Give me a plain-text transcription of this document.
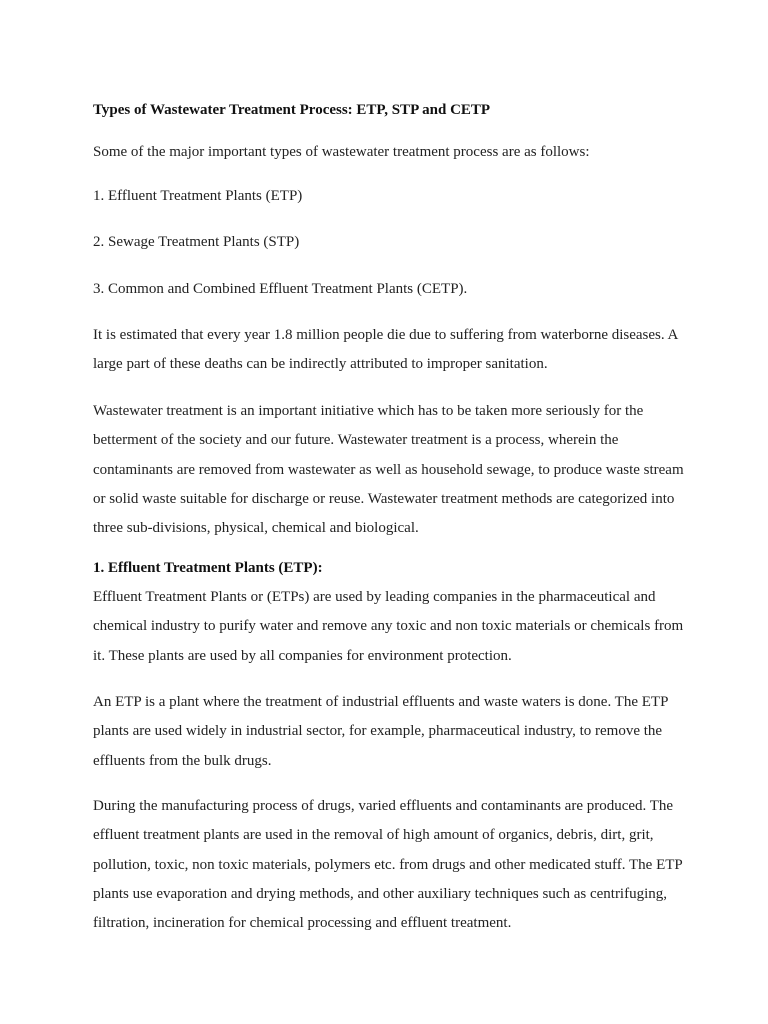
Types of Wastewater Treatment Process: ETP, STP and CETP

Some of the major important types of wastewater treatment process are as follows:

1. Effluent Treatment Plants (ETP)

2. Sewage Treatment Plants (STP)

3. Common and Combined Effluent Treatment Plants (CETP).

It is estimated that every year 1.8 million people die due to suffering from waterborne diseases. A large part of these deaths can be indirectly attributed to improper sanitation.

Wastewater treatment is an important initiative which has to be taken more seriously for the betterment of the society and our future. Wastewater treatment is a process, wherein the contaminants are removed from wastewater as well as household sewage, to produce waste stream or solid waste suitable for discharge or reuse. Wastewater treatment methods are categorized into three sub-divisions, physical, chemical and biological.

1. Effluent Treatment Plants (ETP):

Effluent Treatment Plants or (ETPs) are used by leading companies in the pharmaceutical and chemical industry to purify water and remove any toxic and non toxic materials or chemicals from it. These plants are used by all companies for environment protection.

An ETP is a plant where the treatment of industrial effluents and waste waters is done. The ETP plants are used widely in industrial sector, for example, pharmaceutical industry, to remove the effluents from the bulk drugs.

During the manufacturing process of drugs, varied effluents and contaminants are produced. The effluent treatment plants are used in the removal of high amount of organics, debris, dirt, grit, pollution, toxic, non toxic materials, polymers etc. from drugs and other medicated stuff. The ETP plants use evaporation and drying methods, and other auxiliary techniques such as centrifuging, filtration, incineration for chemical processing and effluent treatment.
